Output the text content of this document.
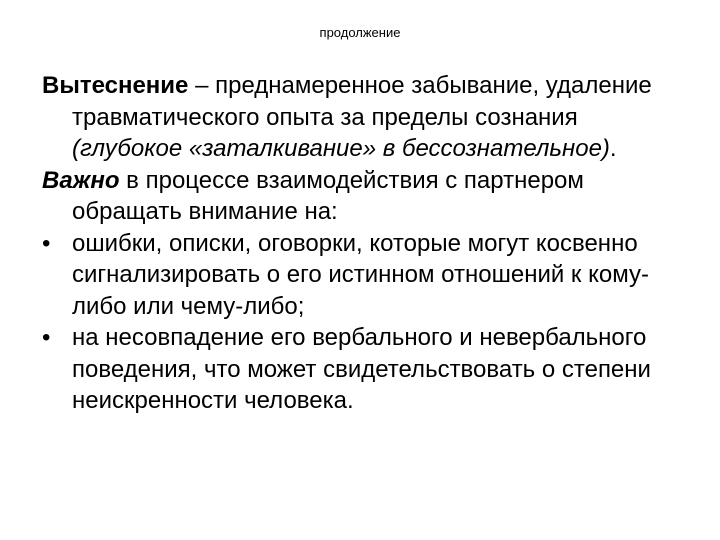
продолжение

Вытеснение – преднамеренное забывание, удаление травматического опыта за пределы сознания (глубокое «заталкивание» в бессознательное).

Важно в процессе взаимодействия с партнером обращать внимание на:

• ошибки, описки, оговорки, которые могут косвенно сигнализировать о его истинном отношений к кому-либо или чему-либо;
• на несовпадение его вербального и невербального поведения, что может свидетельствовать о степени неискренности человека.
